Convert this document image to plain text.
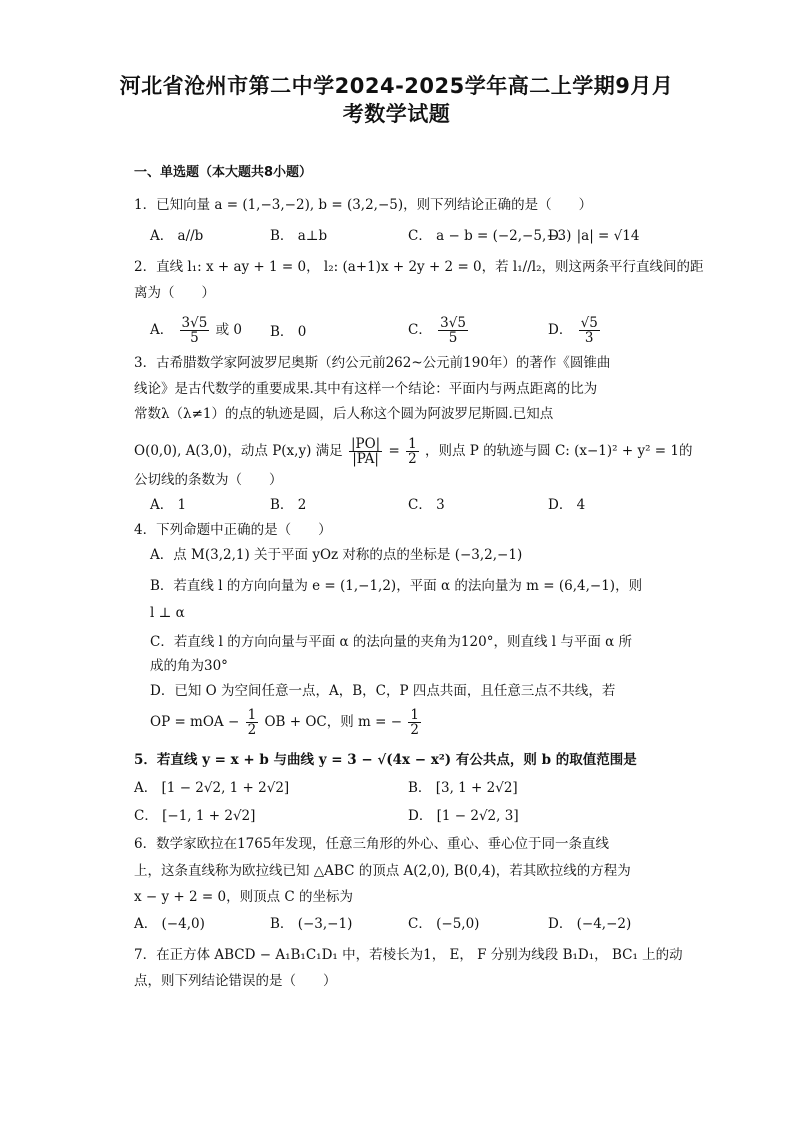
河北省沧州市第二中学2024-2025学年高二上学期9月月
考数学试题
一、单选题（本大题共8小题）
1．已知向量 a = (1,−3,−2), b = (3,2,−5)，则下列结论正确的是（　　）
A． a//b	B． a⊥b	C． a − b = (−2,−5,−3)
D． |a| = √14
2．直线 l₁: x + ay + 1 = 0， l₂: (a+1)x + 2y + 2 = 0，若 l₁//l₂，则这两条平行直线间的距
离为（　　）
A． $\frac{3√5}{5}$ 或 0 B． 0	C． $\frac{3√5}{5}$	D． $\frac{√5}{3}$
3．古希腊数学家阿波罗尼奥斯（约公元前262~公元前190年）的著作《圆锥曲
线论》是古代数学的重要成果.其中有这样一个结论：平面内与两点距离的比为
常数λ（λ≠1）的点的轨迹是圆，后人称这个圆为阿波罗尼斯圆.已知点
O(0,0), A(3,0)，动点 P(x,y) 满足 $\frac{|PO|}{|PA|} = \frac{1}{2}$ ，则点 P 的轨迹与圆 C: (x−1)² + y² = 1的
公切线的条数为（　　）
A． 1	B． 2	C． 3	D． 4
4．下列命题中正确的是（　　）
A．点 M(3,2,1) 关于平面 yOz 对称的点的坐标是 (−3,2,−1)
B．若直线 l 的方向向量为 e = (1,−1,2)，平面 α 的法向量为 m = (6,4,−1)，则
l ⊥ α
C．若直线 l 的方向向量与平面 α 的法向量的夹角为120°，则直线 l 与平面 α 所
成的角为30°
D．已知 O 为空间任意一点，A，B，C，P 四点共面，且任意三点不共线，若
OP = mOA − $\frac{1}{2}$ OB + OC，则 m = − $\frac{1}{2}$
5．若直线 y = x + b 与曲线 y = 3 − √(4x − x²) 有公共点，则 b 的取值范围是
A． [1 − 2√2, 1 + 2√2]	B． [3, 1 + 2√2]
C． [−1, 1 + 2√2]	D． [1 − 2√2, 3]
6．数学家欧拉在1765年发现，任意三角形的外心、重心、垂心位于同一条直线
上，这条直线称为欧拉线已知 △ABC 的顶点 A(2,0), B(0,4)，若其欧拉线的方程为
x − y + 2 = 0，则顶点 C 的坐标为
A． (−4,0)	B． (−3,−1)	C． (−5,0)	D． (−4,−2)
7．在正方体 ABCD − A₁B₁C₁D₁ 中，若棱长为1， E， F 分别为线段 B₁D₁， BC₁ 上的动
点，则下列结论错误的是（　　）
